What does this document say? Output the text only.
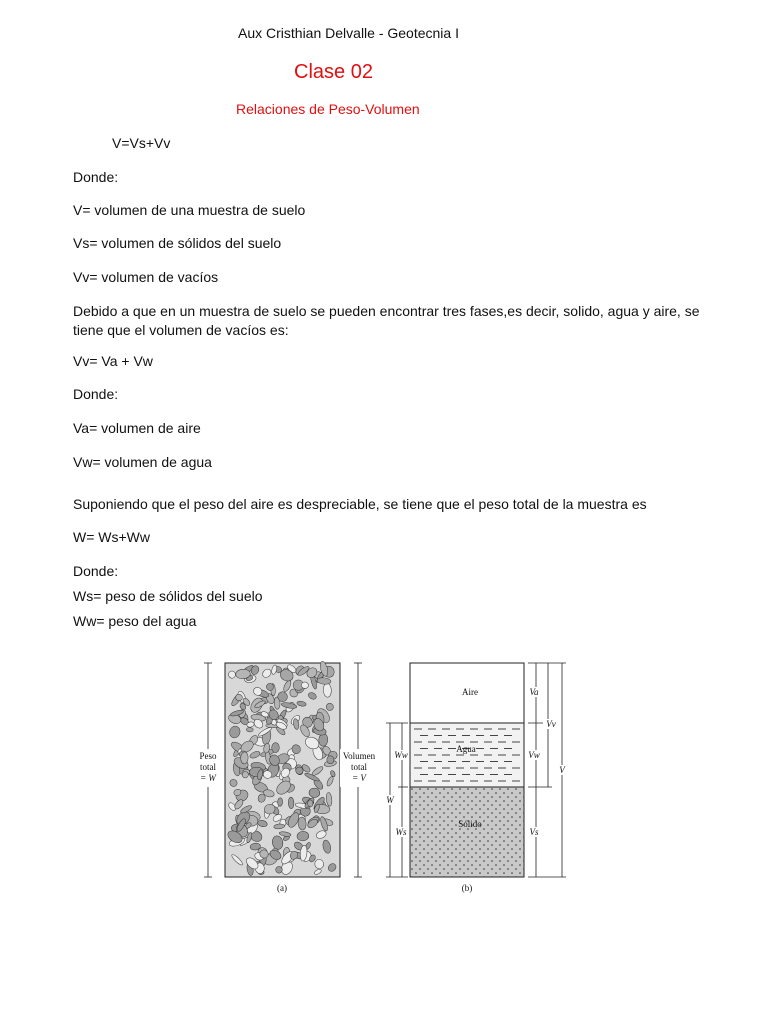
Aux Cristhian Delvalle - Geotecnia I
Clase 02
Relaciones de Peso-Volumen
V=Vs+Vv
Donde:
V= volumen de una muestra de suelo
Vs= volumen de sólidos del suelo
Vv= volumen de vacíos
Debido a que en un muestra de suelo se pueden encontrar tres fases,es decir, solido, agua y aire, se tiene que el volumen de vacíos es:
Vv= Va + Vw
Donde:
Va= volumen de aire
Vw= volumen de agua
Suponiendo que el peso del aire es despreciable, se tiene que el peso total de la muestra es
W= Ws+Ww
Donde:
Ws= peso de sólidos del suelo
Ww= peso del agua
Peso
total
= W
Volumen
total
= V
(a)
Aire
Agua
Sólido
Va
Vw
Vs
Vv
V
Ww
W
Ws
(b)
